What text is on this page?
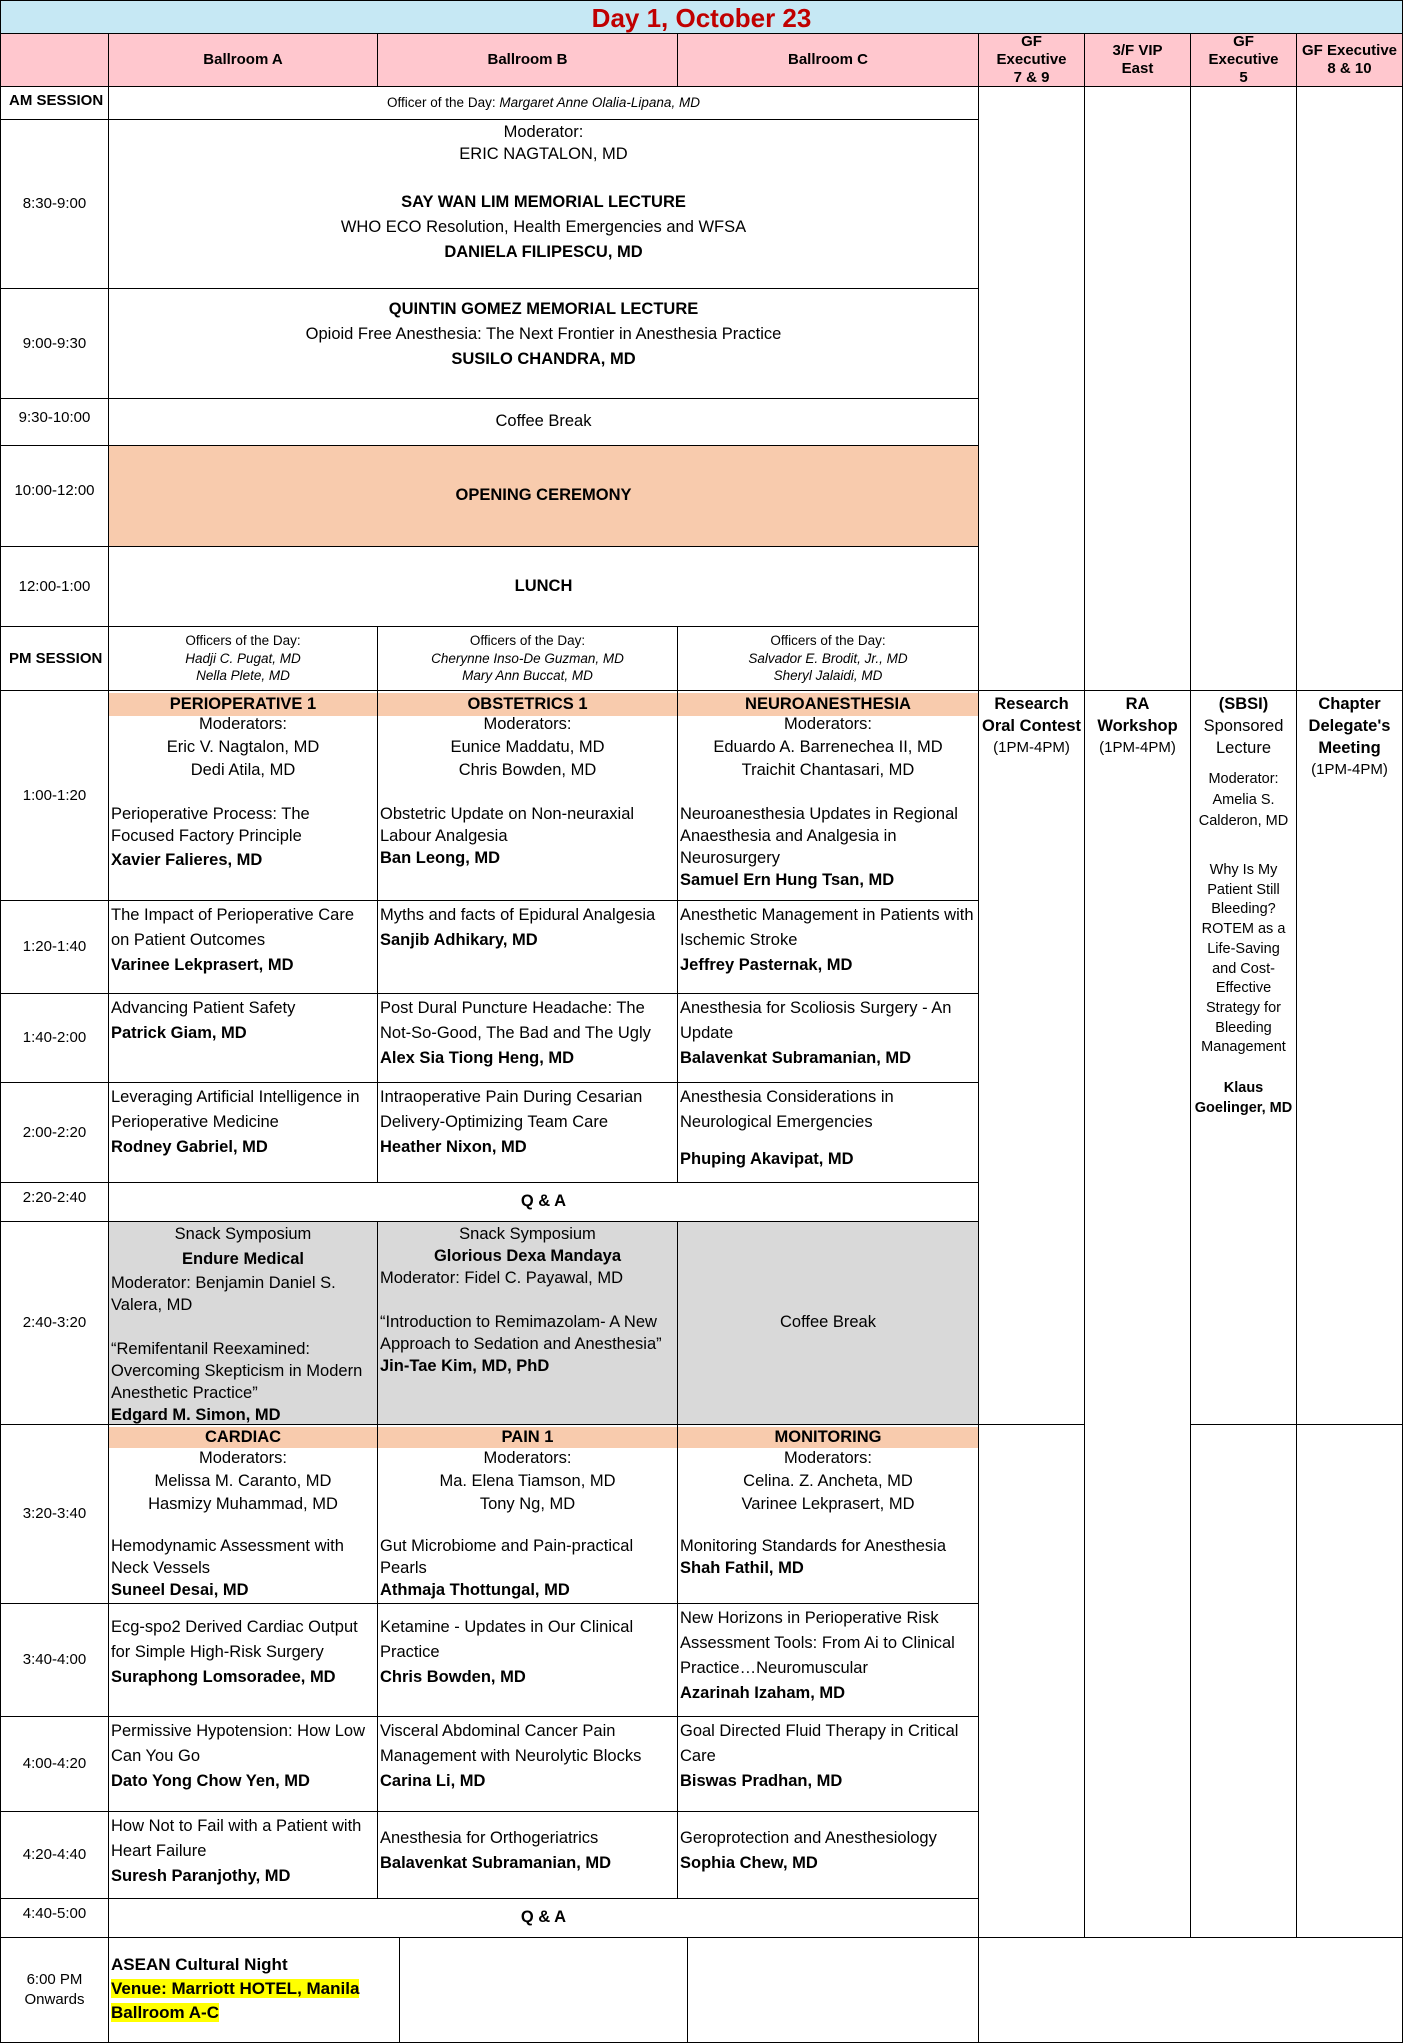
Day 1, October 23
Ballroom A	Ballroom B	Ballroom C
GF Executive 7 & 9
3/F VIP East
GF Executive 5
GF Executive 8 & 10
AM SESSION
8:30-9:00
9:00-9:30
9:30-10:00
10:00-12:00
12:00-1:00
PM SESSION
1:00-1:20
1:20-1:40
1:40-2:00
2:00-2:20
2:20-2:40
2:40-3:20
3:20-3:40
3:40-4:00
4:00-4:20
4:20-4:40
4:40-5:00
6:00 PM Onwards
Officer of the Day: Margaret Anne Olalia-Lipana, MD
Moderator:
ERIC NAGTALON, MD
SAY WAN LIM MEMORIAL LECTURE
WHO ECO Resolution, Health Emergencies and WFSA
DANIELA FILIPESCU, MD
QUINTIN GOMEZ MEMORIAL LECTURE
Opioid Free Anesthesia: The Next Frontier in Anesthesia Practice
SUSILO CHANDRA, MD
Coffee Break
OPENING CEREMONY
LUNCH
Officers of the Day:
Hadji C. Pugat, MD
Nella Plete, MD
Officers of the Day:
Cherynne Inso-De Guzman, MD
Mary Ann Buccat, MD
Officers of the Day:
Salvador E. Brodit, Jr., MD
Sheryl Jalaidi, MD
PERIOPERATIVE 1
Moderators:
Eric V. Nagtalon, MD
Dedi Atila, MD
Perioperative Process: The Focused Factory Principle
Xavier Falieres, MD
OBSTETRICS 1
Moderators:
Eunice Maddatu, MD
Chris Bowden, MD
Obstetric Update on Non-neuraxial Labour Analgesia
Ban Leong, MD
NEUROANESTHESIA
Moderators:
Eduardo A. Barrenechea II, MD
Traichit Chantasari, MD
Neuroanesthesia Updates in Regional Anaesthesia and Analgesia in Neurosurgery
Samuel Ern Hung Tsan, MD
The Impact of Perioperative Care on Patient Outcomes
Varinee Lekprasert, MD
Myths and facts of Epidural Analgesia
Sanjib Adhikary, MD
Anesthetic Management in Patients with Ischemic Stroke
Jeffrey Pasternak, MD
Advancing Patient Safety
Patrick Giam, MD
Post Dural Puncture Headache: The Not-So-Good, The Bad and The Ugly
Alex Sia Tiong Heng, MD
Anesthesia for Scoliosis Surgery - An Update
Balavenkat Subramanian, MD
Leveraging Artificial Intelligence in Perioperative Medicine
Rodney Gabriel, MD
Intraoperative Pain During Cesarian Delivery-Optimizing Team Care
Heather Nixon, MD
Anesthesia Considerations in Neurological Emergencies
Phuping Akavipat, MD
Q & A
Snack Symposium
Endure Medical
Moderator: Benjamin Daniel S. Valera, MD
“Remifentanil Reexamined: Overcoming Skepticism in Modern Anesthetic Practice”
Edgard M. Simon, MD
Snack Symposium
Glorious Dexa Mandaya
Moderator: Fidel C. Payawal, MD
“Introduction to Remimazolam- A New Approach to Sedation and Anesthesia”
Jin-Tae Kim, MD, PhD
Coffee Break
CARDIAC
Moderators:
Melissa M. Caranto, MD
Hasmizy Muhammad, MD
Hemodynamic Assessment with Neck Vessels
Suneel Desai, MD
PAIN 1
Moderators:
Ma. Elena Tiamson, MD
Tony Ng, MD
Gut Microbiome and Pain-practical Pearls
Athmaja Thottungal, MD
MONITORING
Moderators:
Celina. Z. Ancheta, MD
Varinee Lekprasert, MD
Monitoring Standards for Anesthesia
Shah Fathil, MD
Ecg-spo2 Derived Cardiac Output for Simple High-Risk Surgery
Suraphong Lomsoradee, MD
Ketamine - Updates in Our Clinical Practice
Chris Bowden, MD
New Horizons in Perioperative Risk Assessment Tools: From Ai to Clinical Practice…Neuromuscular
Azarinah Izaham, MD
Permissive Hypotension: How Low Can You Go
Dato Yong Chow Yen, MD
Visceral Abdominal Cancer Pain Management with Neurolytic Blocks
Carina Li, MD
Goal Directed Fluid Therapy in Critical Care
Biswas Pradhan, MD
How Not to Fail with a Patient with Heart Failure
Suresh Paranjothy, MD
Anesthesia for Orthogeriatrics
Balavenkat Subramanian, MD
Geroprotection and Anesthesiology
Sophia Chew, MD
Q & A
Research Oral Contest
(1PM-4PM)
RA Workshop
(1PM-4PM)
(SBSI)
Sponsored Lecture
Moderator:
Amelia S. Calderon, MD
Why Is My Patient Still Bleeding? ROTEM as a Life-Saving and Cost-Effective Strategy for Bleeding Management
Klaus Goelinger, MD
Chapter Delegate's Meeting
(1PM-4PM)
ASEAN Cultural Night
Venue: Marriott HOTEL, Manila Ballroom A-C
